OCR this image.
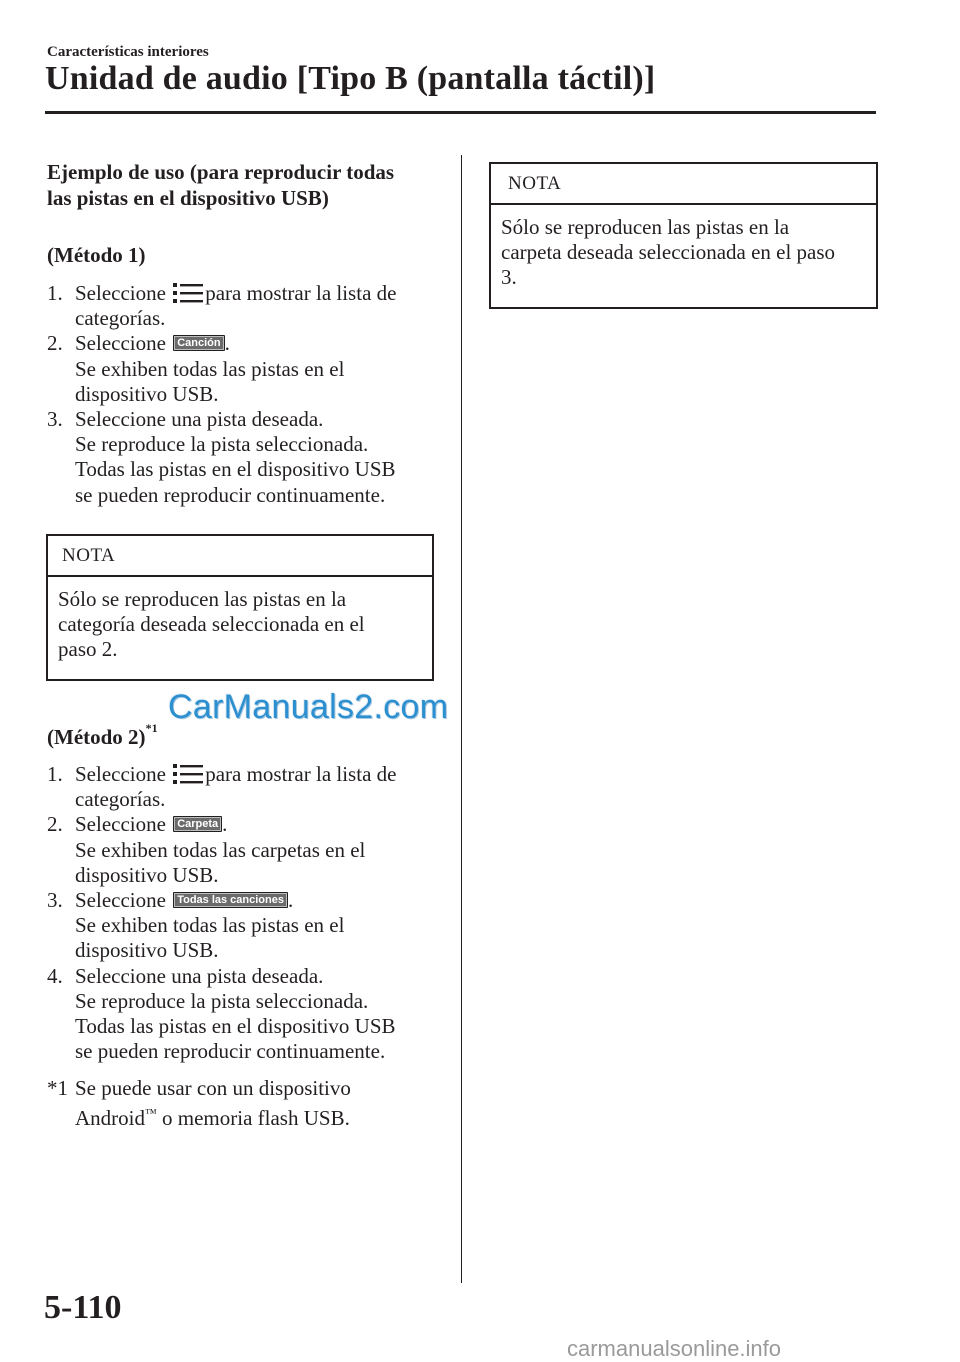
Características interiores
Unidad de audio [Tipo B (pantalla táctil)]
Ejemplo de uso (para reproducir todas
las pistas en el dispositivo USB)
(Método 1)
1. Seleccione para mostrar la lista de
categorías.
2. Seleccione Canción .
Se exhiben todas las pistas en el
dispositivo USB.
3. Seleccione una pista deseada.
Se reproduce la pista seleccionada.
Todas las pistas en el dispositivo USB
se pueden reproducir continuamente.
NOTA
Sólo se reproducen las pistas en la
categoría deseada seleccionada en el
paso 2.
CarManuals2.com
(Método 2)$^{*1}$
1. Seleccione para mostrar la lista de
categorías.
2. Seleccione Carpeta .
Se exhiben todas las carpetas en el
dispositivo USB.
3. Seleccione Todas las canciones .
Se exhiben todas las pistas en el
dispositivo USB.
4. Seleccione una pista deseada.
Se reproduce la pista seleccionada.
Todas las pistas en el dispositivo USB
se pueden reproducir continuamente.
*1 Se puede usar con un dispositivo
Android™ o memoria flash USB.
NOTA
Sólo se reproducen las pistas en la
carpeta deseada seleccionada en el paso
3.
5-110
carmanualsonline.info
